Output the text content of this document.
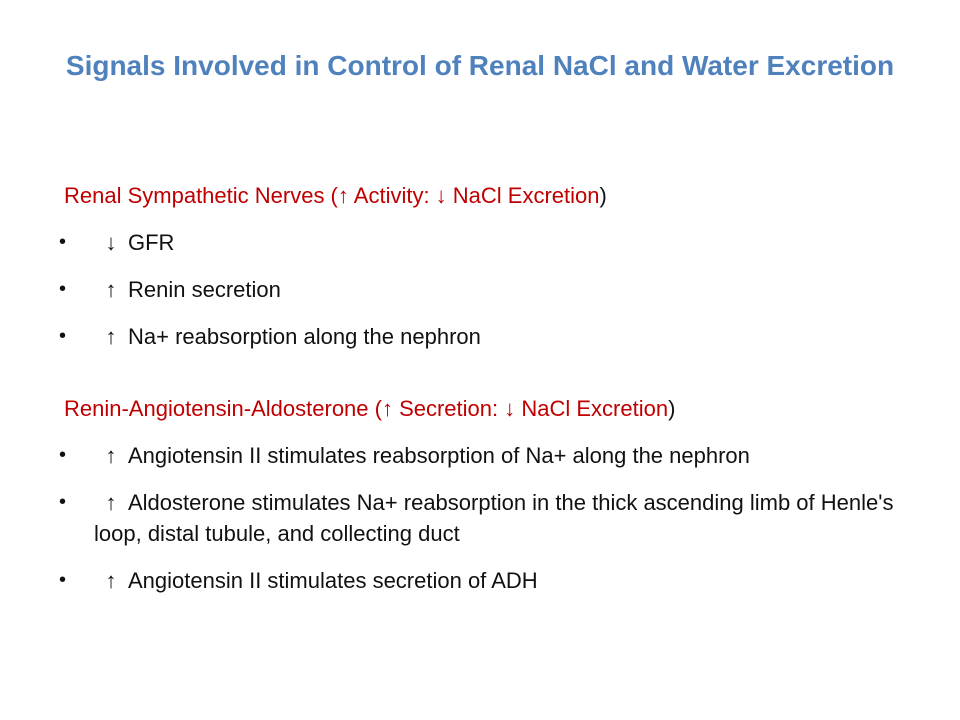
Signals Involved in Control of Renal NaCl and Water Excretion
Renal Sympathetic Nerves (↑ Activity: ↓ NaCl Excretion)
• ↓ GFR
• ↑ Renin secretion
• ↑ Na+ reabsorption along the nephron
Renin-Angiotensin-Aldosterone (↑ Secretion: ↓ NaCl Excretion)
• ↑ Angiotensin II stimulates reabsorption of Na+ along the nephron
• ↑ Aldosterone stimulates Na+ reabsorption in the thick ascending limb of Henle's loop, distal tubule, and collecting duct
• ↑ Angiotensin II stimulates secretion of ADH
